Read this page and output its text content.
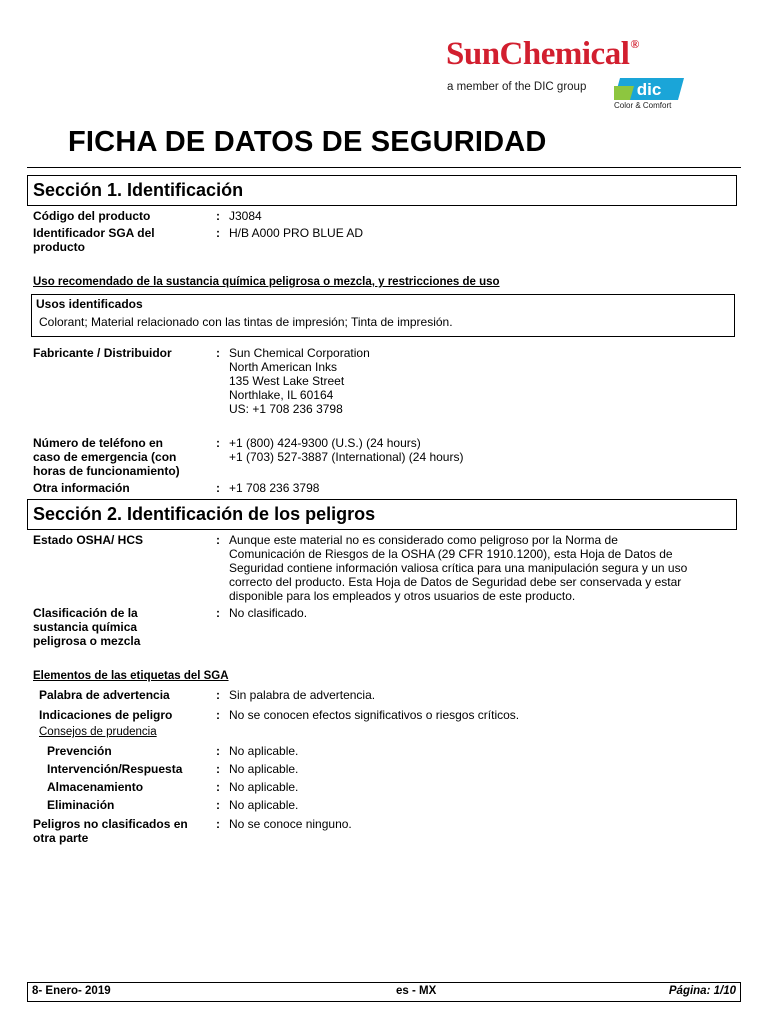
SunChemical®
a member of the DIC group	dic
Color & Comfort
FICHA DE DATOS DE SEGURIDAD
Sección 1. Identificación
Código del producto	: J3084
Identificador SGA del
producto
: H/B A000 PRO BLUE AD
Uso recomendado de la sustancia química peligrosa o mezcla, y restricciones de uso
Usos identificados
Colorant; Material relacionado con las tintas de impresión; Tinta de impresión.
Fabricante / Distribuidor	: Sun Chemical Corporation
North American Inks
135 West Lake Street
Northlake, IL 60164
US: +1 708 236 3798
Número de teléfono en
caso de emergencia (con
horas de funcionamiento)
: +1 (800) 424-9300 (U.S.) (24 hours)
+1 (703) 527-3887 (International) (24 hours)
Otra información	: +1 708 236 3798
Sección 2. Identificación de los peligros
Estado OSHA/ HCS	: Aunque este material no es considerado como peligroso por la Norma de
Comunicación de Riesgos de la OSHA (29 CFR 1910.1200), esta Hoja de Datos de
Seguridad contiene información valiosa crítica para una manipulación segura y un uso
correcto del producto. Esta Hoja de Datos de Seguridad debe ser conservada y estar
disponible para los empleados y otros usuarios de este producto.
Clasificación de la
sustancia química
peligrosa o mezcla
: No clasificado.
Elementos de las etiquetas del SGA
Palabra de advertencia	: Sin palabra de advertencia.
Indicaciones de peligro	: No se conocen efectos significativos o riesgos críticos.
Consejos de prudencia
Prevención	: No aplicable.
Intervención/Respuesta	: No aplicable.
Almacenamiento	: No aplicable.
Eliminación	: No aplicable.
Peligros no clasificados en
otra parte
: No se conoce ninguno.
8- Enero- 2019	es - MX	Página: 1/10
